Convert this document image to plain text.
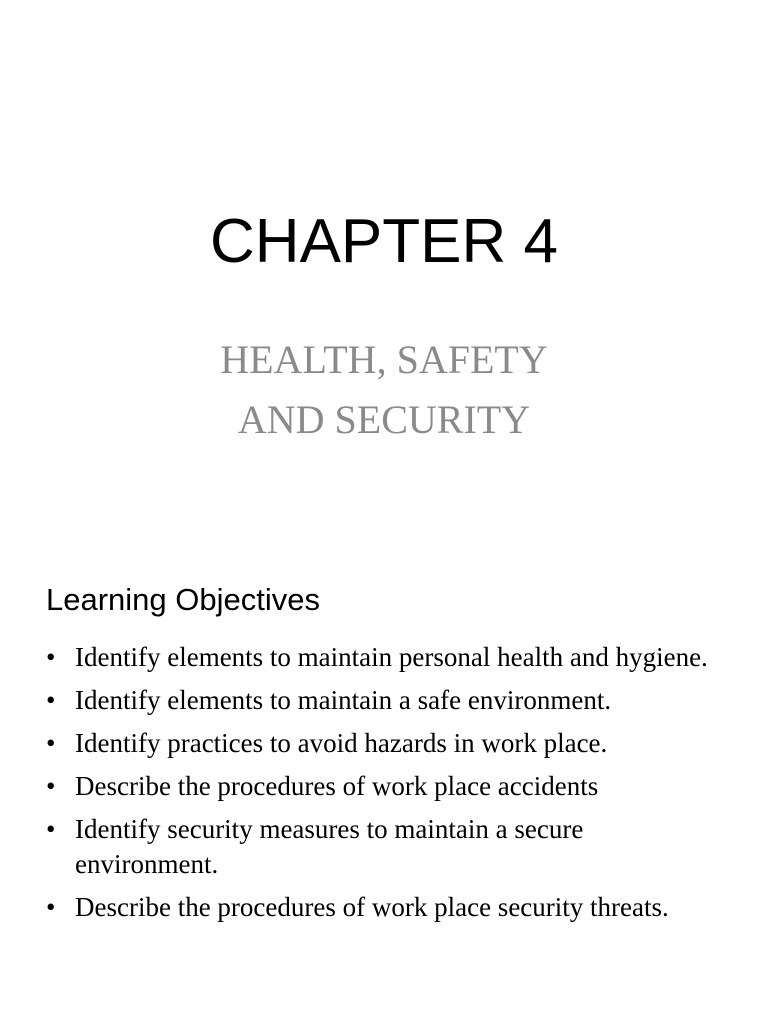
CHAPTER 4
HEALTH, SAFETY
AND SECURITY
Learning Objectives
• Identify elements to maintain personal health and hygiene.
• Identify elements to maintain a safe environment.
• Identify practices to avoid hazards in work place.
• Describe the procedures of work place accidents
• Identify security measures to maintain a secure environment.
• Describe the procedures of work place security threats.
